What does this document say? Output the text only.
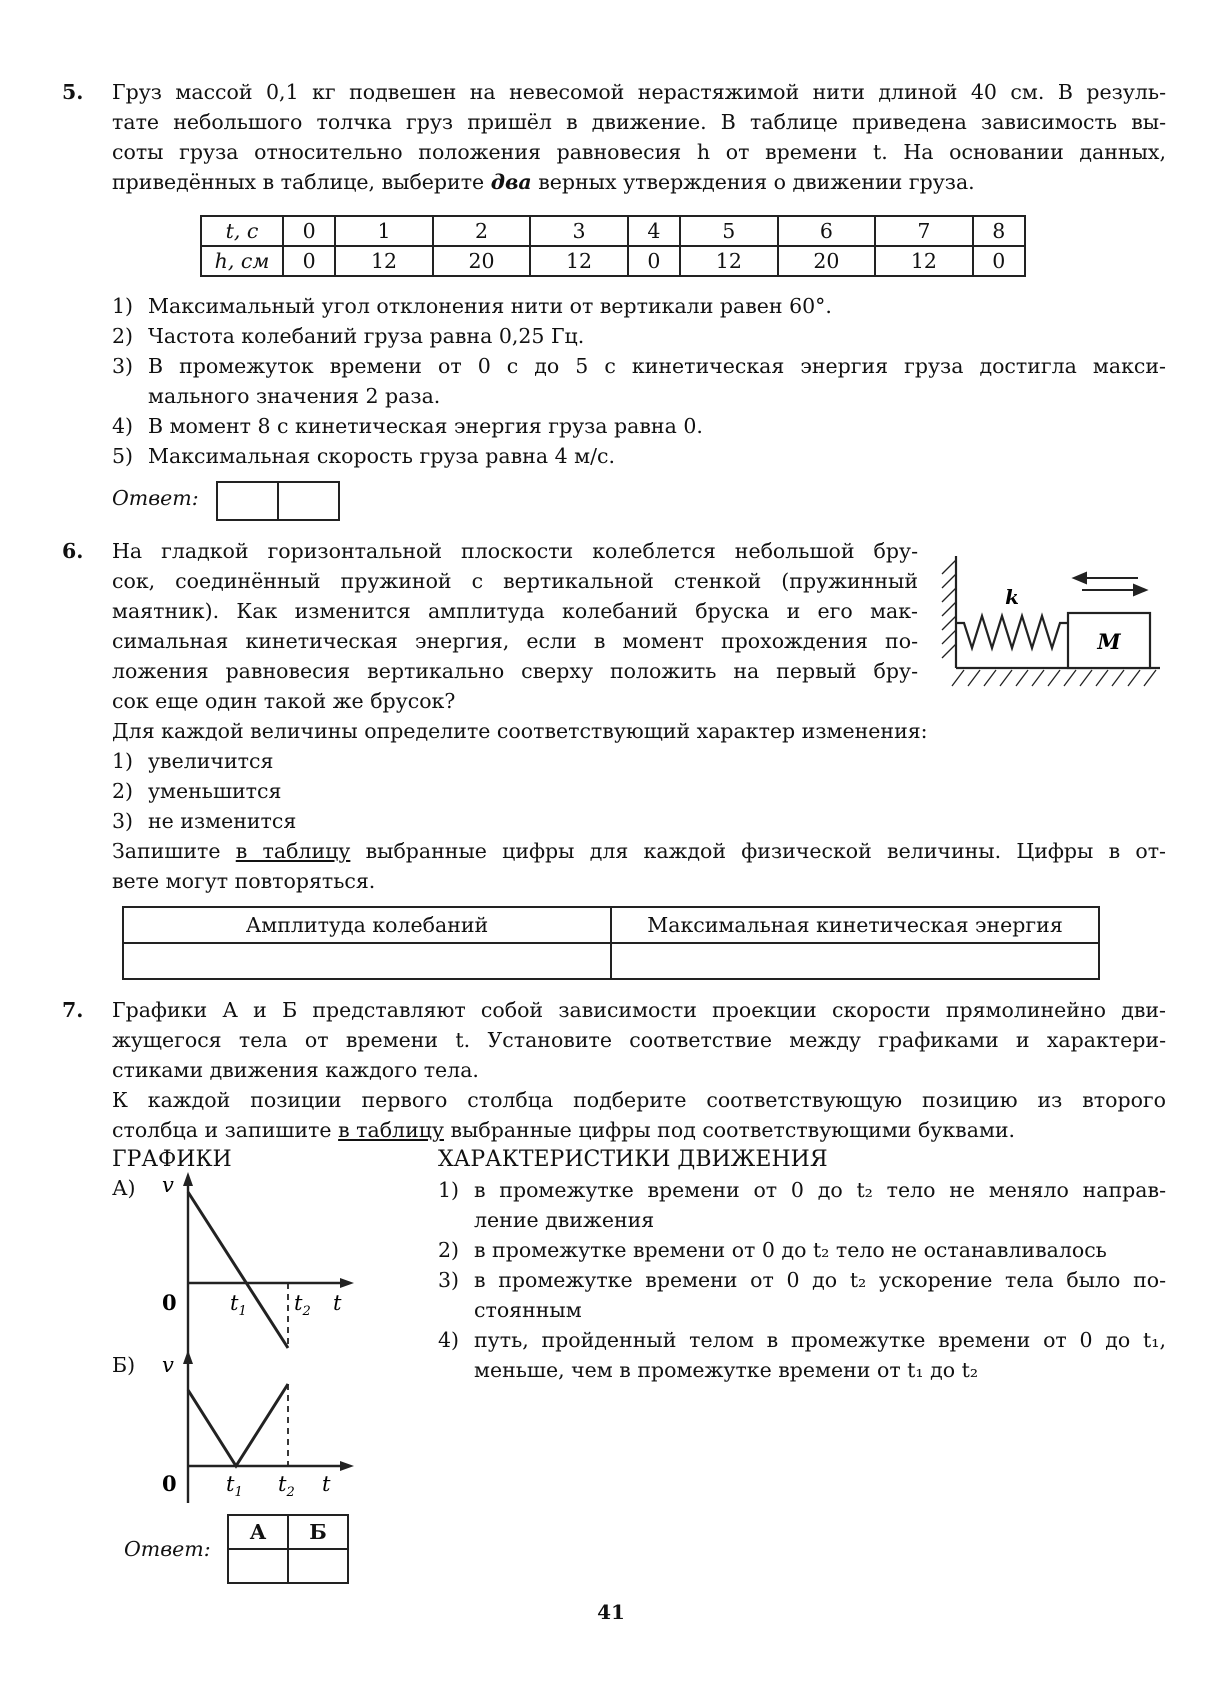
5. Груз массой 0,1 кг подвешен на невесомой нерастяжимой нити длиной 40 см. В резуль-
тате небольшого толчка груз пришёл в движение. В таблице приведена зависимость вы-
соты груза относительно положения равновесия h от времени t. На основании данных,
приведённых в таблице, выберите два верных утверждения о движении груза.
t, с	0	1	2	3	4	5	6	7	8
h, см	0	12	20	12	0	12	20	12	0
1) Максимальный угол отклонения нити от вертикали равен 60°.
2) Частота колебаний груза равна 0,25 Гц.
3) В промежуток времени от 0 с до 5 с кинетическая энергия груза достигла макси-
мального значения 2 раза.
4) В момент 8 с кинетическая энергия груза равна 0.
5) Максимальная скорость груза равна 4 м/с.
Ответ:
6. На гладкой горизонтальной плоскости колеблется небольшой бру-
сок, соединённый пружиной с вертикальной стенкой (пружинный
маятник). Как изменится амплитуда колебаний бруска и его мак-
симальная кинетическая энергия, если в момент прохождения по-
ложения равновесия вертикально сверху положить на первый бру-
сок еще один такой же брусок?
k
M
Для каждой величины определите соответствующий характер изменения:
1) увеличится
2) уменьшится
3) не изменится
Запишите в таблицу выбранные цифры для каждой физической величины. Цифры в от-
вете могут повторяться.
Амплитуда колебаний	Максимальная кинетическая энергия

7. Графики А и Б представляют собой зависимости проекции скорости прямолинейно дви-
жущегося тела от времени t. Установите соответствие между графиками и характери-
стиками движения каждого тела.
К каждой позиции первого столбца подберите соответствующую позицию из второго
столбца и запишите в таблицу выбранные цифры под соответствующими буквами.
ГРАФИКИ	ХАРАКТЕРИСТИКИ ДВИЖЕНИЯ
А) v
0	$t_1$ $t_2$ t
Б) v
0 $t_1$ $t_2$ t
1) в промежутке времени от 0 до t₂ тело не меняло направ-
ление движения
2) в промежутке времени от 0 до t₂ тело не останавливалось
3) в промежутке времени от 0 до t₂ ускорение тела было по-
стоянным
4) путь, пройденный телом в промежутке времени от 0 до t₁,
меньше, чем в промежутке времени от t₁ до t₂
Ответ:
А	Б

41
